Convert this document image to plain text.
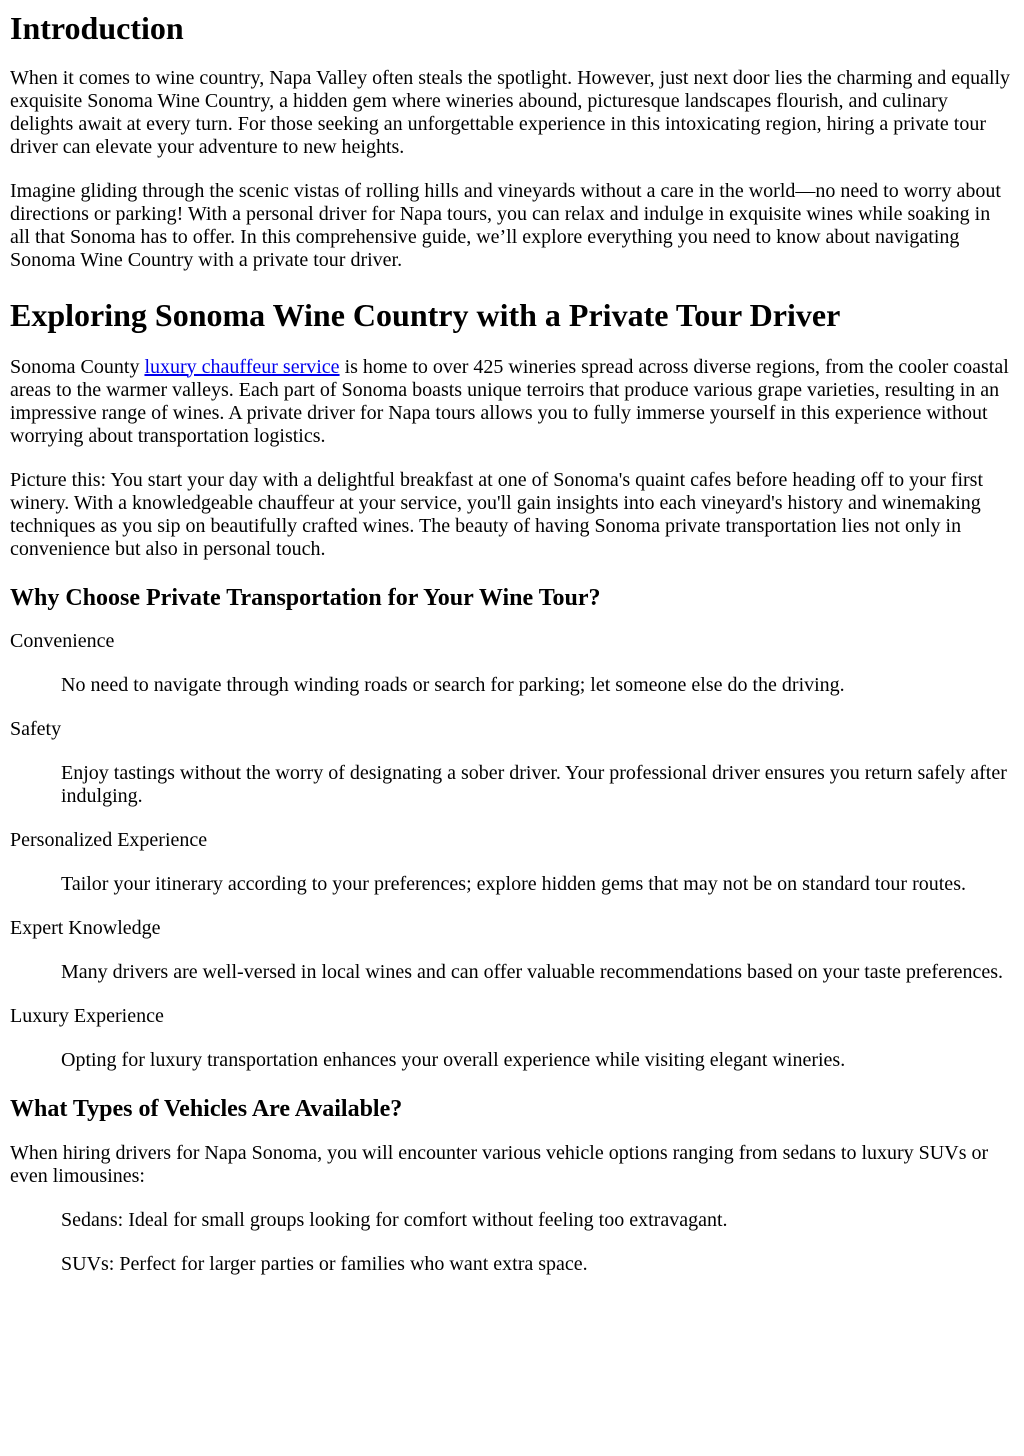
Introduction

When it comes to wine country, Napa Valley often steals the spotlight. However, just next door lies the charming and equally exquisite Sonoma Wine Country, a hidden gem where wineries abound, picturesque landscapes flourish, and culinary delights await at every turn. For those seeking an unforgettable experience in this intoxicating region, hiring a private tour driver can elevate your adventure to new heights.

Imagine gliding through the scenic vistas of rolling hills and vineyards without a care in the world—no need to worry about directions or parking! With a personal driver for Napa tours, you can relax and indulge in exquisite wines while soaking in all that Sonoma has to offer. In this comprehensive guide, we’ll explore everything you need to know about navigating Sonoma Wine Country with a private tour driver.

Exploring Sonoma Wine Country with a Private Tour Driver

Sonoma County luxury chauffeur service is home to over 425 wineries spread across diverse regions, from the cooler coastal areas to the warmer valleys. Each part of Sonoma boasts unique terroirs that produce various grape varieties, resulting in an impressive range of wines. A private driver for Napa tours allows you to fully immerse yourself in this experience without worrying about transportation logistics.

Picture this: You start your day with a delightful breakfast at one of Sonoma's quaint cafes before heading off to your first winery. With a knowledgeable chauffeur at your service, you'll gain insights into each vineyard's history and winemaking techniques as you sip on beautifully crafted wines. The beauty of having Sonoma private transportation lies not only in convenience but also in personal touch.

Why Choose Private Transportation for Your Wine Tour?
Convenience
No need to navigate through winding roads or search for parking; let someone else do the driving.
Safety
Enjoy tastings without the worry of designating a sober driver. Your professional driver ensures you return safely after indulging.
Personalized Experience
Tailor your itinerary according to your preferences; explore hidden gems that may not be on standard tour routes.
Expert Knowledge
Many drivers are well-versed in local wines and can offer valuable recommendations based on your taste preferences.
Luxury Experience
Opting for luxury transportation enhances your overall experience while visiting elegant wineries.
What Types of Vehicles Are Available?

When hiring drivers for Napa Sonoma, you will encounter various vehicle options ranging from sedans to luxury SUVs or even limousines:

Sedans: Ideal for small groups looking for comfort without feeling too extravagant.
SUVs: Perfect for larger parties or families who want extra space.
